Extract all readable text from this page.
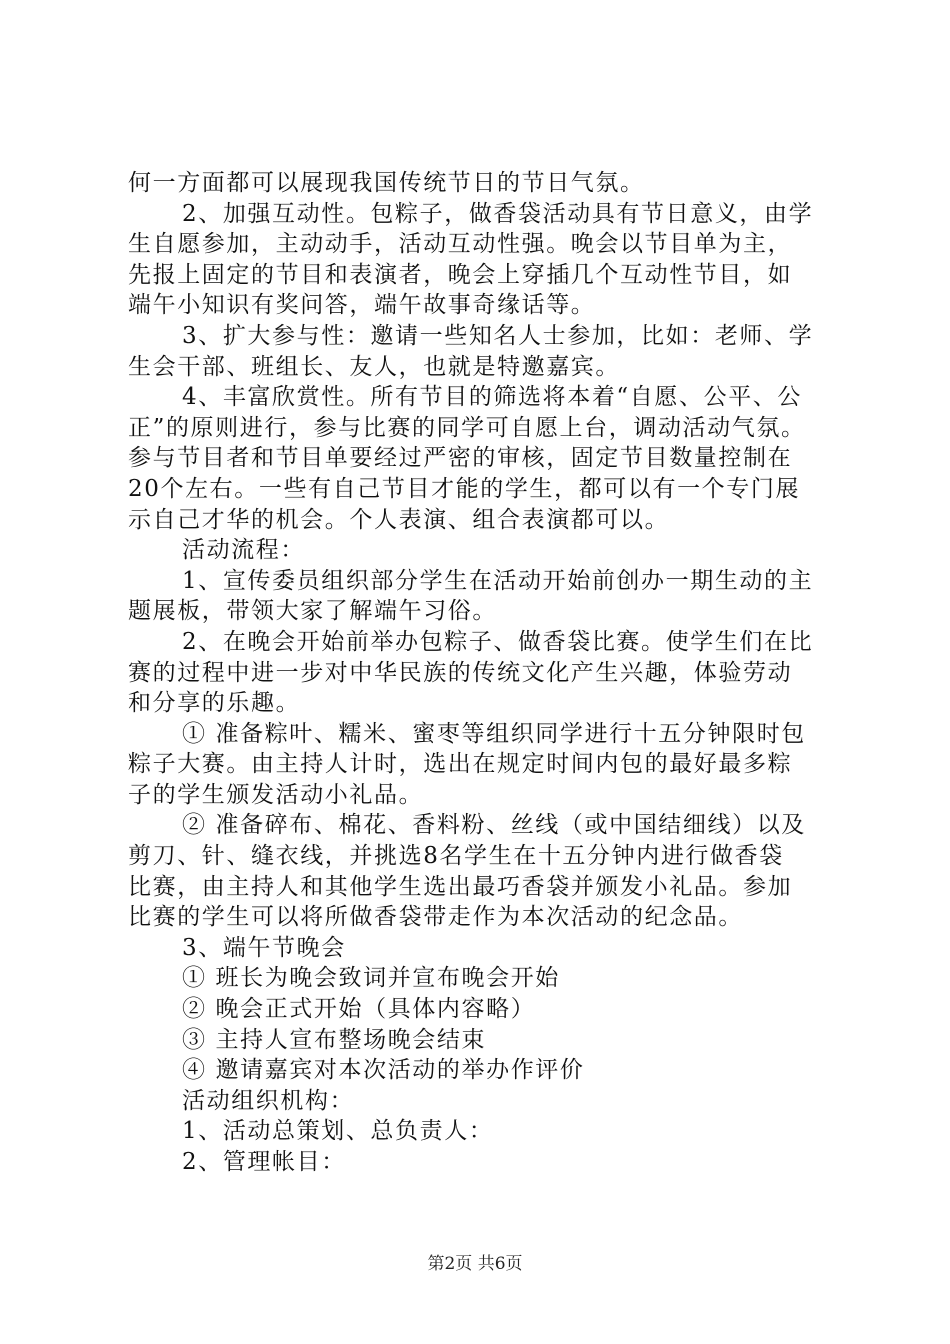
何一方面都可以展现我国传统节日的节日气氛。
2、加强互动性。包粽子，做香袋活动具有节日意义，由学
生自愿参加，主动动手，活动互动性强。晚会以节目单为主，
先报上固定的节目和表演者，晚会上穿插几个互动性节目，如
端午小知识有奖问答，端午故事奇缘话等。
3、扩大参与性：邀请一些知名人士参加，比如：老师、学
生会干部、班组长、友人，也就是特邀嘉宾。
4、丰富欣赏性。所有节目的筛选将本着“自愿、公平、公
正”的原则进行，参与比赛的同学可自愿上台，调动活动气氛。
参与节目者和节目单要经过严密的审核，固定节目数量控制在
20个左右。一些有自己节目才能的学生，都可以有一个专门展
示自己才华的机会。个人表演、组合表演都可以。
活动流程：
1、宣传委员组织部分学生在活动开始前创办一期生动的主
题展板，带领大家了解端午习俗。
2、在晚会开始前举办包粽子、做香袋比赛。使学生们在比
赛的过程中进一步对中华民族的传统文化产生兴趣，体验劳动
和分享的乐趣。
① 准备粽叶、糯米、蜜枣等组织同学进行十五分钟限时包
粽子大赛。由主持人计时，选出在规定时间内包的最好最多粽
子的学生颁发活动小礼品。
② 准备碎布、棉花、香料粉、丝线（或中国结细线）以及
剪刀、针、缝衣线，并挑选8名学生在十五分钟内进行做香袋
比赛，由主持人和其他学生选出最巧香袋并颁发小礼品。参加
比赛的学生可以将所做香袋带走作为本次活动的纪念品。
3、端午节晚会
① 班长为晚会致词并宣布晚会开始
② 晚会正式开始（具体内容略）
③ 主持人宣布整场晚会结束
④ 邀请嘉宾对本次活动的举办作评价
活动组织机构：
1、活动总策划、总负责人：
2、管理帐目：
第2页 共6页
